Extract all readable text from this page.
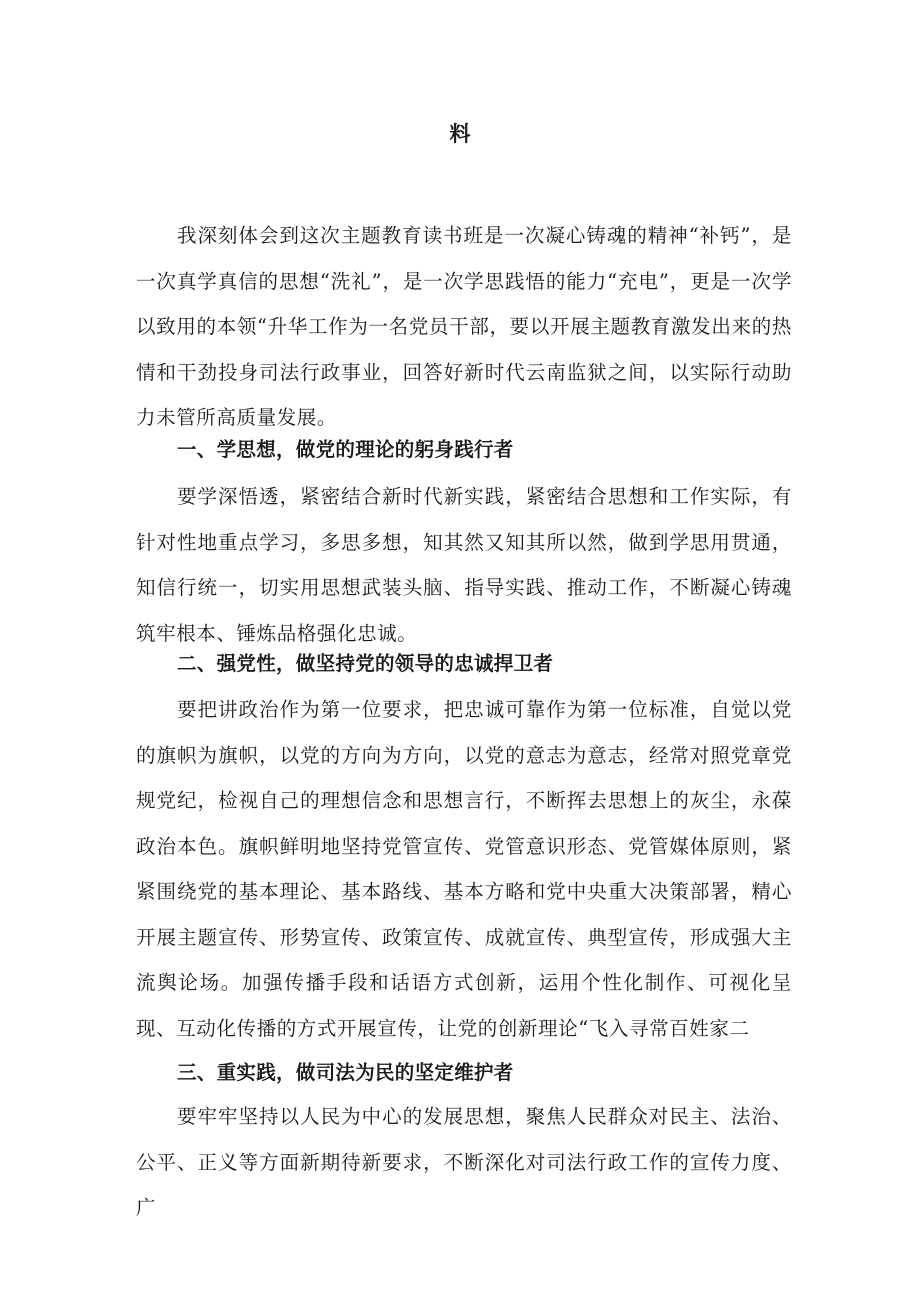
料

我深刻体会到这次主题教育读书班是一次凝心铸魂的精神“补钙”，是一次真学真信的思想“洗礼”，是一次学思践悟的能力“充电”，更是一次学以致用的本领“升华工作为一名党员干部，要以开展主题教育激发出来的热情和干劲投身司法行政事业，回答好新时代云南监狱之间，以实际行动助力未管所高质量发展。

一、学思想，做党的理论的躬身践行者

要学深悟透，紧密结合新时代新实践，紧密结合思想和工作实际，有针对性地重点学习，多思多想，知其然又知其所以然，做到学思用贯通，知信行统一，切实用思想武装头脑、指导实践、推动工作，不断凝心铸魂筑牢根本、锤炼品格强化忠诚。

二、强党性，做坚持党的领导的忠诚捍卫者

要把讲政治作为第一位要求，把忠诚可靠作为第一位标准，自觉以党的旗帜为旗帜，以党的方向为方向，以党的意志为意志，经常对照党章党规党纪，检视自己的理想信念和思想言行，不断挥去思想上的灰尘，永葆政治本色。旗帜鲜明地坚持党管宣传、党管意识形态、党管媒体原则，紧紧围绕党的基本理论、基本路线、基本方略和党中央重大决策部署，精心开展主题宣传、形势宣传、政策宣传、成就宣传、典型宣传，形成强大主流舆论场。加强传播手段和话语方式创新，运用个性化制作、可视化呈现、互动化传播的方式开展宣传，让党的创新理论“飞入寻常百姓家二

三、重实践，做司法为民的坚定维护者

要牢牢坚持以人民为中心的发展思想，聚焦人民群众对民主、法治、公平、正义等方面新期待新要求，不断深化对司法行政工作的宣传力度、广
